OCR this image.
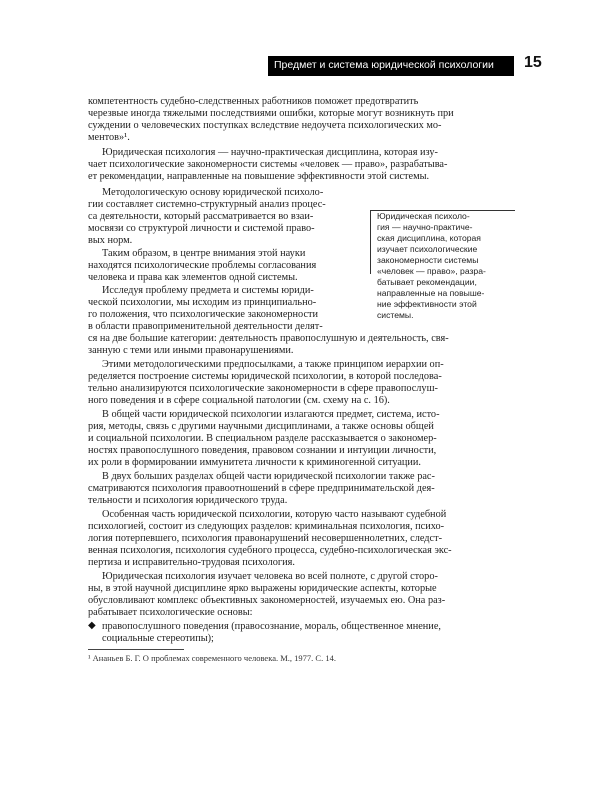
Предмет и система юридической психологии 15
компетентность судебно-следственных работников поможет предотвратить
черезвые иногда тяжелыми последствиями ошибки, которые могут возникнуть при
суждении о человеческих поступках вследствие недоучета психологических мо-
ментов»¹.
Юридическая психология — научно-практическая дисциплина, которая изу-
чает психологические закономерности системы «человек — право», разрабатыва-
ет рекомендации, направленные на повышение эффективности этой системы.
Методологическую основу юридической психоло-
гии составляет системно-структурный анализ процес-
са деятельности, который рассматривается во взаи-
мосвязи со структурой личности и системой право-
вых норм.
Таким образом, в центре внимания этой науки
находятся психологические проблемы согласования
человека и права как элементов одной системы.
Исследуя проблему предмета и системы юриди-
ческой психологии, мы исходим из принципиально-
го положения, что психологические закономерности
в области правоприменительной деятельности делят-
ся на две большие категории: деятельность правопослушную и деятельность, свя-
занную с теми или иными правонарушениями.
Этими методологическими предпосылками, а также принципом иерархии оп-
ределяется построение системы юридической психологии, в которой последова-
тельно анализируются психологические закономерности в сфере правопослуш-
ного поведения и в сфере социальной патологии (см. схему на с. 16).
В общей части юридической психологии излагаются предмет, система, исто-
рия, методы, связь с другими научными дисциплинами, а также основы общей
и социальной психологии. В специальном разделе рассказывается о закономер-
ностях правопослушного поведения, правовом сознании и интуиции личности,
их роли в формировании иммунитета личности к криминогенной ситуации.
В двух больших разделах общей части юридической психологии также рас-
сматриваются психология правоотношений в сфере предпринимательской дея-
тельности и психология юридического труда.
Особенная часть юридической психологии, которую часто называют судебной
психологией, состоит из следующих разделов: криминальная психология, психо-
логия потерпевшего, психология правонарушений несовершеннолетних, следст-
венная психология, психология судебного процесса, судебно-психологическая экс-
пертиза и исправительно-трудовая психология.
Юридическая психология изучает человека во всей полноте, с другой сторо-
ны, в этой научной дисциплине ярко выражены юридические аспекты, которые
обусловливают комплекс объективных закономерностей, изучаемых ею. Она раз-
рабатывает психологические основы:
правопослушного поведения (правосознание, мораль, общественное мнение,
социальные стереотипы);
Юридическая психоло-
гия — научно-практиче-
ская дисциплина, которая
изучает психологические
закономерности системы
«человек — право», разра-
батывает рекомендации,
направленные на повыше-
ние эффективности этой
системы.
◆
¹ Ананьев Б. Г. О проблемах современного человека. М., 1977. С. 14.
